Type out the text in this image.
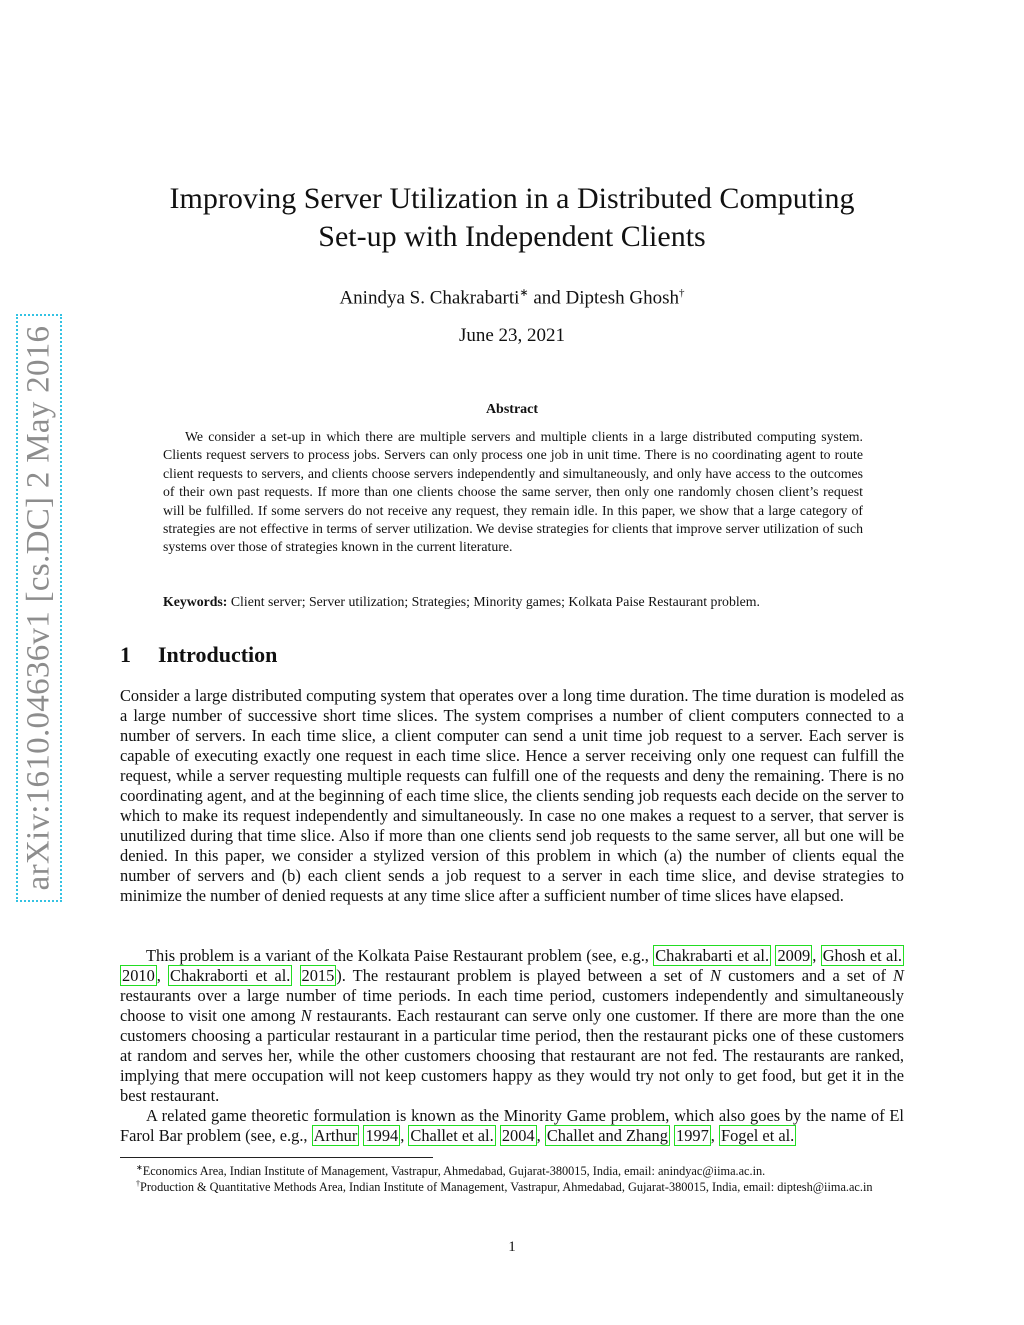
arXiv:1610.04636v1 [cs.DC] 2 May 2016
Improving Server Utilization in a Distributed Computing
Set-up with Independent Clients
Anindya S. Chakrabarti∗ and Diptesh Ghosh†
June 23, 2021
Abstract

We consider a set-up in which there are multiple servers and multiple clients in a large distributed computing system. Clients request servers to process jobs. Servers can only process one job in unit time. There is no coordinating agent to route client requests to servers, and clients choose servers independently and simultaneously, and only have access to the outcomes of their own past requests. If more than one clients choose the same server, then only one randomly chosen client’s request will be fulfilled. If some servers do not receive any request, they remain idle. In this paper, we show that a large category of strategies are not effective in terms of server utilization. We devise strategies for clients that improve server utilization of such systems over those of strategies known in the current literature.

Keywords: Client server; Server utilization; Strategies; Minority games; Kolkata Paise Restaurant problem.

1 Introduction

Consider a large distributed computing system that operates over a long time duration. The time duration is modeled as a large number of successive short time slices. The system comprises a number of client computers connected to a number of servers. In each time slice, a client computer can send a unit time job request to a server. Each server is capable of executing exactly one request in each time slice. Hence a server receiving only one request can fulfill the request, while a server requesting multiple requests can fulfill one of the requests and deny the remaining. There is no coordinating agent, and at the beginning of each time slice, the clients sending job requests each decide on the server to which to make its request independently and simultaneously. In case no one makes a request to a server, that server is unutilized during that time slice. Also if more than one clients send job requests to the same server, all but one will be denied. In this paper, we consider a stylized version of this problem in which (a) the number of clients equal the number of servers and (b) each client sends a job request to a server in each time slice, and devise strategies to minimize the number of denied requests at any time slice after a sufficient number of time slices have elapsed.

This problem is a variant of the Kolkata Paise Restaurant problem (see, e.g., Chakrabarti et al. 2009 , Ghosh et al. 2010 , Chakraborti et al. 2015 ). The restaurant problem is played between a set of N customers and a set of N restaurants over a large number of time periods. In each time period, customers independently and simultaneously choose to visit one among N restaurants. Each restaurant can serve only one customer. If there are more than the one customers choosing a particular restaurant in a particular time period, then the restaurant picks one of these customers at random and serves her, while the other customers choosing that restaurant are not fed. The restaurants are ranked, implying that mere occupation will not keep customers happy as they would try not only to get food, but get it in the best restaurant.

A related game theoretic formulation is known as the Minority Game problem, which also goes by the name of El Farol Bar problem (see, e.g., Arthur 1994 , Challet et al. 2004 , Challet and Zhang 1997 , Fogel et al.

∗Economics Area, Indian Institute of Management, Vastrapur, Ahmedabad, Gujarat-380015, India, email: anindyac@iima.ac.in.

†Production & Quantitative Methods Area, Indian Institute of Management, Vastrapur, Ahmedabad, Gujarat-380015, India, email: diptesh@iima.ac.in

1
